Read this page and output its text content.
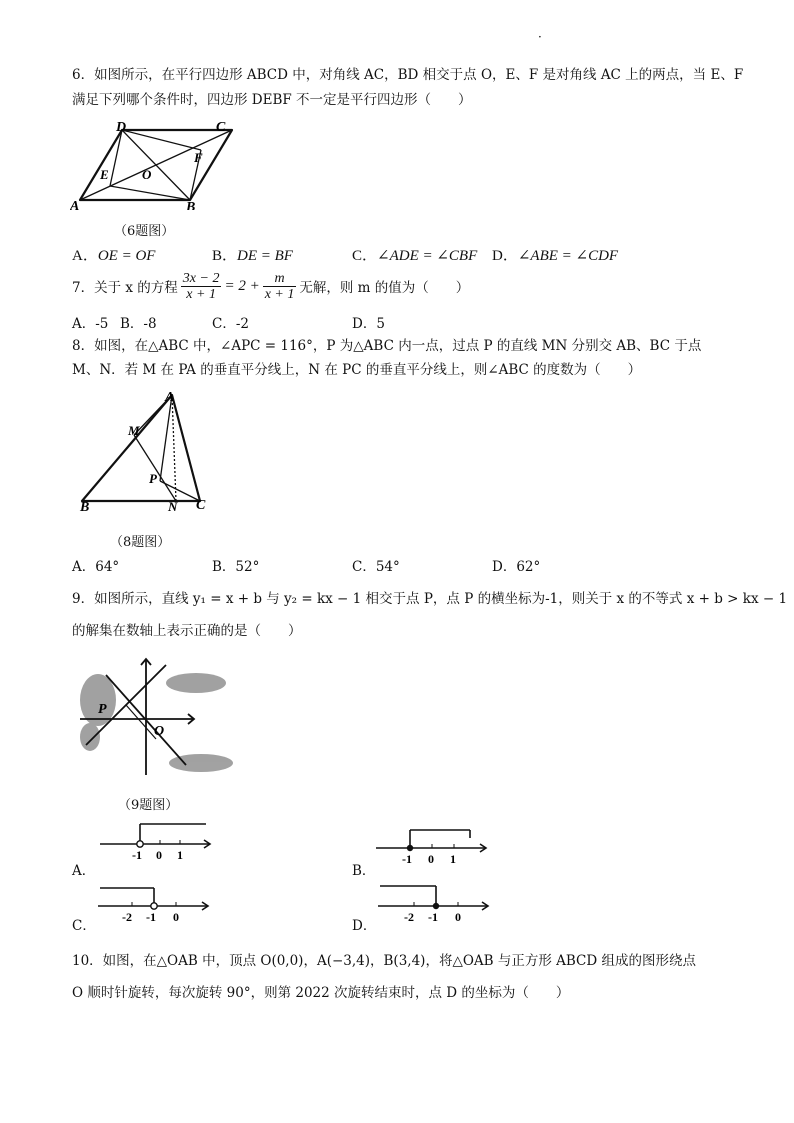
·
6．如图所示，在平行四边形 ABCD 中，对角线 AC，BD 相交于点 O，E、F 是对角线 AC 上的两点，当 E、F
满足下列哪个条件时，四边形 DEBF 不一定是平行四边形（　　）
A	B
C
D
E
F
O
（6题图）
A．OE = OF	B．DE = BF	C．∠ADE = ∠CBF D．∠ABE = ∠CDF
7．关于 x 的方程 $\frac{3x - 2}{x + 1} = 2 + \frac{m}{x + 1}$ 无解，则 m 的值为（　　）
A．-5 B．-8	C．-2	D．5
8．如图，在△ABC 中，∠APC = 116°，P 为△ABC 内一点，过点 P 的直线 MN 分别交 AB、BC 于点
M、N．若 M 在 PA 的垂直平分线上，N 在 PC 的垂直平分线上，则∠ABC 的度数为（　　）
A
B	C
M
N
P
（8题图）
A．64°	B．52°	C．54°	D．62°
9．如图所示，直线 y₁ = x + b 与 y₂ = kx − 1 相交于点 P，点 P 的横坐标为-1，则关于 x 的不等式 x + b > kx − 1
的解集在数轴上表示正确的是（　　）
P
O
（9题图）
A．
-1 0 1
B．
-1 0 1
C．
-2 -1 0
D．
-2 -1 0
10．如图，在△OAB 中，顶点 O(0,0)，A(−3,4)，B(3,4)，将△OAB 与正方形 ABCD 组成的图形绕点
O 顺时针旋转，每次旋转 90°，则第 2022 次旋转结束时，点 D 的坐标为（　　）
